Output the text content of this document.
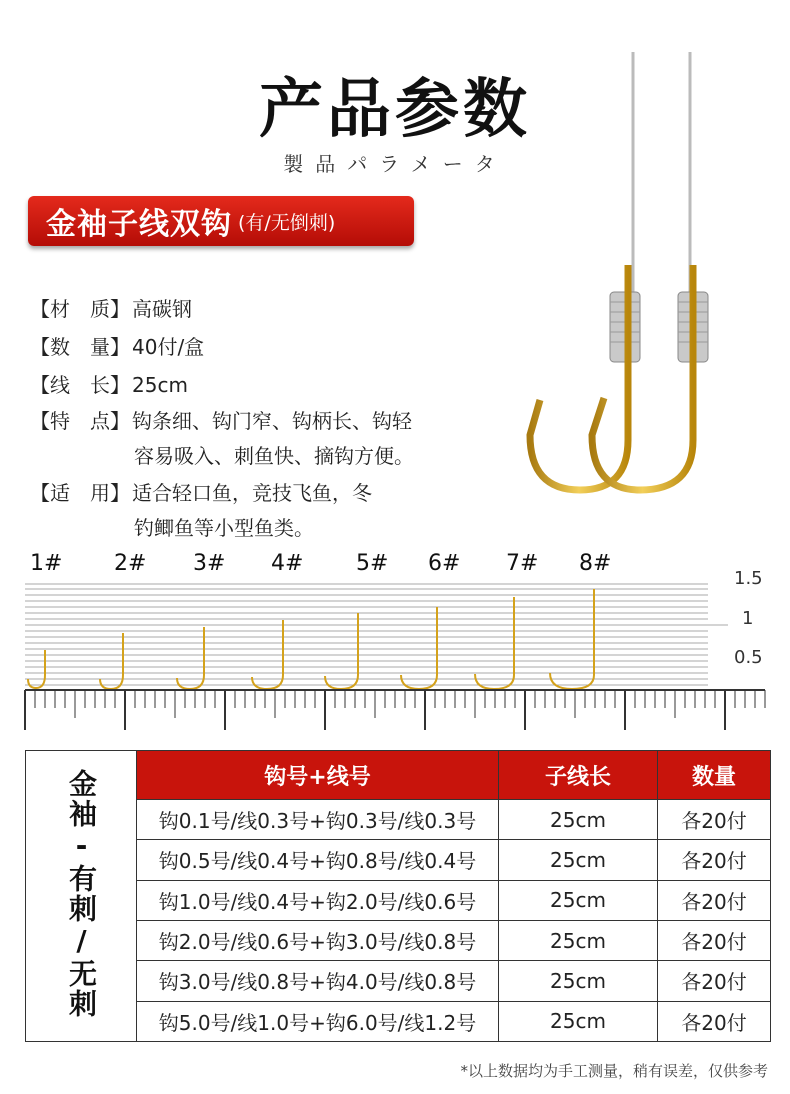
产品参数
製品パラメータ
金袖子线双钩 (有/无倒刺)
【材　质】 高碳钢
【数　量】 40付/盒
【线　长】 25cm
【特　点】 钩条细、钩门窄、钩柄长、钩轻
容易吸入、刺鱼快、摘钩方便。
【适　用】 适合轻口鱼，竞技飞鱼，冬
钓鲫鱼等小型鱼类。
1# 2# 3# 4# 5# 6# 7# 8#
1.5
1
0.5
金袖-有刺/无刺	钩号+线号	子线长	数量
	钩0.1号/线0.3号+钩0.3号/线0.3号	25cm	各20付
	钩0.5号/线0.4号+钩0.8号/线0.4号	25cm	各20付
	钩1.0号/线0.4号+钩2.0号/线0.6号	25cm	各20付
	钩2.0号/线0.6号+钩3.0号/线0.8号	25cm	各20付
	钩3.0号/线0.8号+钩4.0号/线0.8号	25cm	各20付
	钩5.0号/线1.0号+钩6.0号/线1.2号	25cm	各20付
*以上数据均为手工测量，稍有误差，仅供参考
